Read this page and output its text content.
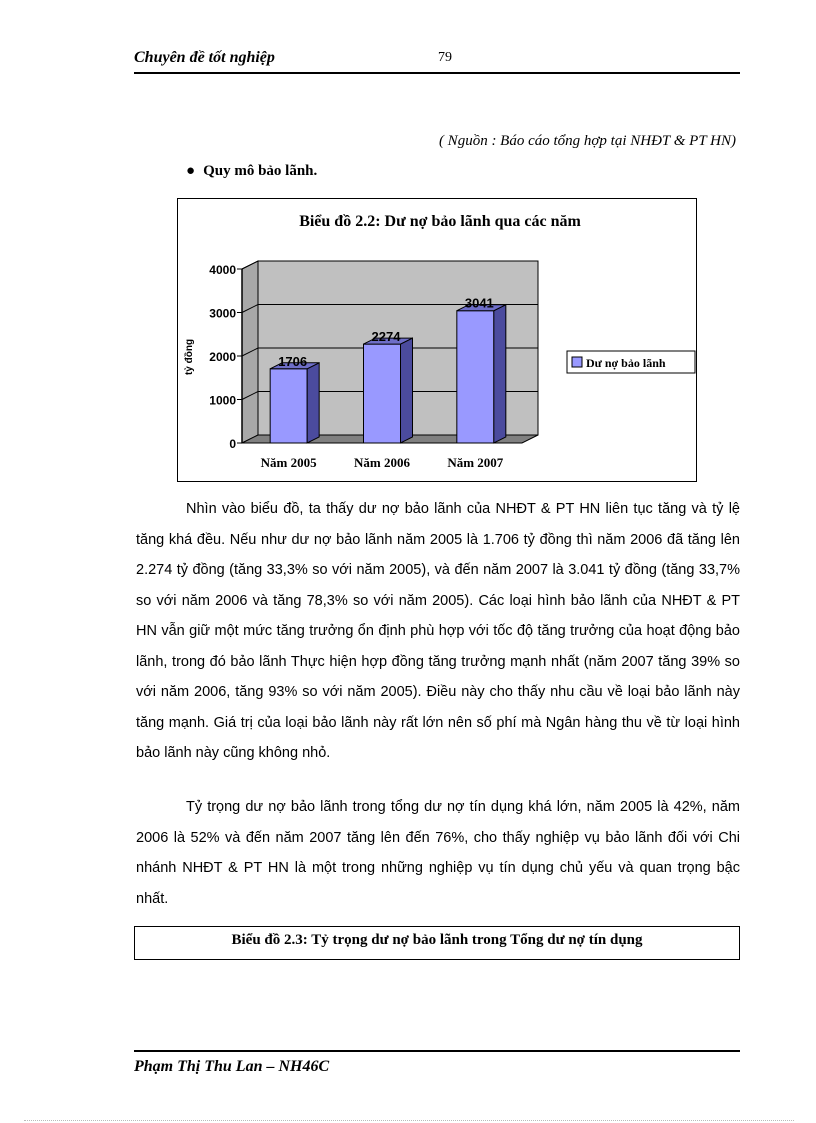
Chuyên đề tốt nghiệp	79
( Nguồn : Báo cáo tổng hợp tại NHĐT & PT HN)
● Quy mô bảo lãnh.
Biểu đồ 2.2: Dư nợ bảo lãnh qua các năm
0
1000
2000
3000
4000
tỷ đồng	1706
Năm 2005
2274
Năm 2006
3041
Năm 2007
Dư nợ bảo lãnh

Nhìn vào biểu đồ, ta thấy dư nợ bảo lãnh của NHĐT & PT HN liên tục tăng và tỷ lệ tăng khá đều. Nếu như dư nợ bảo lãnh năm 2005 là 1.706 tỷ đồng thì năm 2006 đã tăng lên 2.274 tỷ đồng (tăng 33,3% so với năm 2005), và đến năm 2007 là 3.041 tỷ đồng (tăng 33,7% so với năm 2006 và tăng 78,3% so với năm 2005). Các loại hình bảo lãnh của NHĐT & PT HN vẫn giữ một mức tăng trưởng ổn định phù hợp với tốc độ tăng trưởng của hoạt động bảo lãnh, trong đó bảo lãnh Thực hiện hợp đồng tăng trưởng mạnh nhất (năm 2007 tăng 39% so với năm 2006, tăng 93% so với năm 2005). Điều này cho thấy nhu cầu về loại bảo lãnh này tăng mạnh. Giá trị của loại bảo lãnh này rất lớn nên số phí mà Ngân hàng thu về từ loại hình bảo lãnh này cũng không nhỏ.

Tỷ trọng dư nợ bảo lãnh trong tổng dư nợ tín dụng khá lớn, năm 2005 là 42%, năm 2006 là 52% và đến năm 2007 tăng lên đến 76%, cho thấy nghiệp vụ bảo lãnh đối với Chi nhánh NHĐT & PT HN là một trong những nghiệp vụ tín dụng chủ yếu và quan trọng bậc nhất.

Biểu đồ 2.3: Tỷ trọng dư nợ bảo lãnh trong Tổng dư nợ tín dụng
Phạm Thị Thu Lan – NH46C
